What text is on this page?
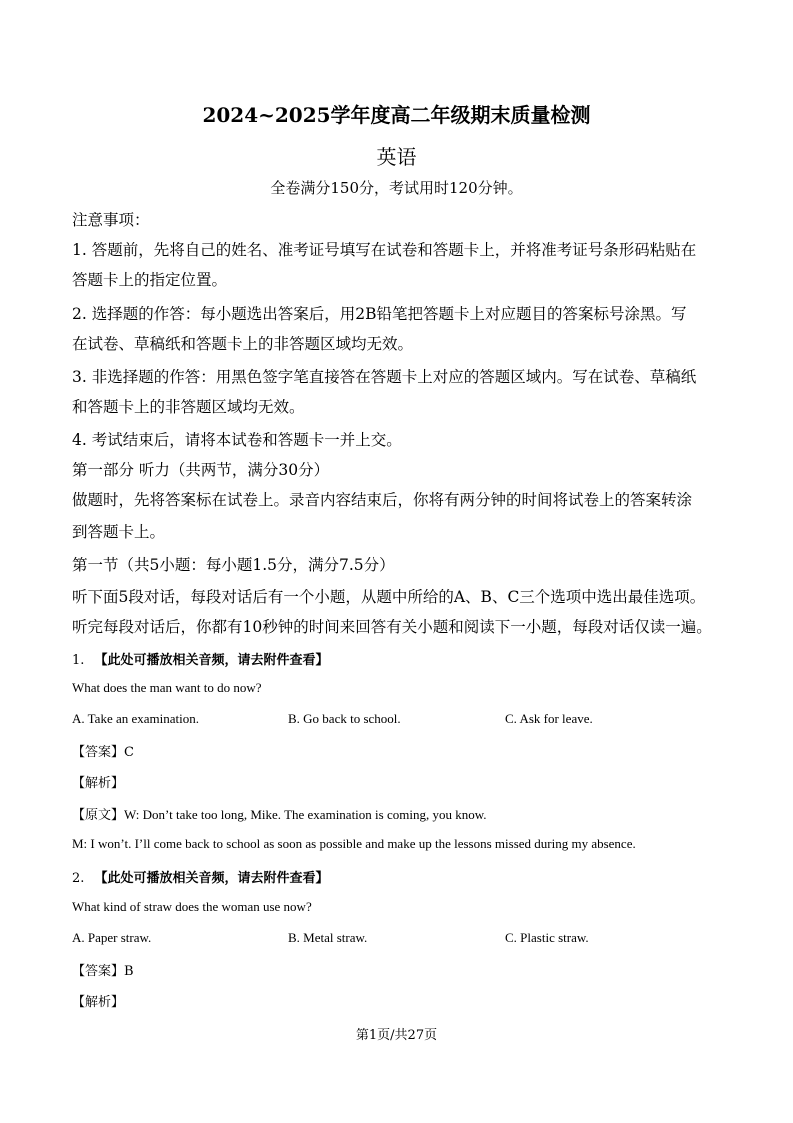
2024~2025学年度高二年级期末质量检测
英语
全卷满分150分，考试用时120分钟。
注意事项：
1. 答题前，先将自己的姓名、准考证号填写在试卷和答题卡上，并将准考证号条形码粘贴在
答题卡上的指定位置。
2. 选择题的作答：每小题选出答案后，用2B铅笔把答题卡上对应题目的答案标号涂黑。写
在试卷、草稿纸和答题卡上的非答题区域均无效。
3. 非选择题的作答：用黑色签字笔直接答在答题卡上对应的答题区域内。写在试卷、草稿纸
和答题卡上的非答题区域均无效。
4. 考试结束后，请将本试卷和答题卡一并上交。
第一部分 听力（共两节，满分30分）
做题时，先将答案标在试卷上。录音内容结束后，你将有两分钟的时间将试卷上的答案转涂
到答题卡上。
第一节（共5小题：每小题1.5分，满分7.5分）
听下面5段对话，每段对话后有一个小题，从题中所给的A、B、C三个选项中选出最佳选项。
听完每段对话后，你都有10秒钟的时间来回答有关小题和阅读下一小题，每段对话仅读一遍。
1. 【此处可播放相关音频，请去附件查看】
What does the man want to do now?
A. Take an examination.	B. Go back to school.	C. Ask for leave.
【答案】C
【解析】
【原文】W: Don’t take too long, Mike. The examination is coming, you know.
M: I won’t. I’ll come back to school as soon as possible and make up the lessons missed during my absence.
2. 【此处可播放相关音频，请去附件查看】
What kind of straw does the woman use now?
A. Paper straw.	B. Metal straw.	C. Plastic straw.
【答案】B
【解析】
第1页/共27页
